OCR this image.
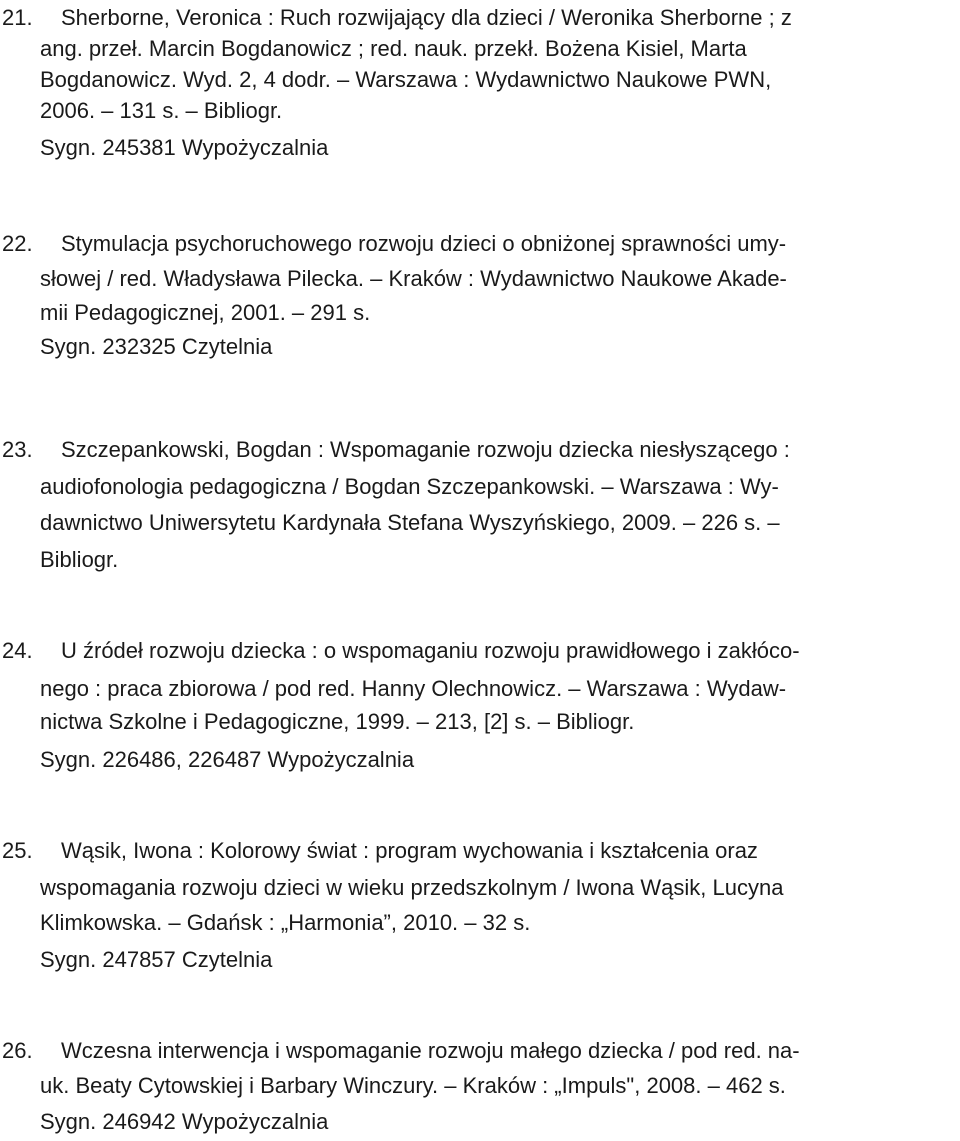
21. Sherborne, Veronica : Ruch rozwijający dla dzieci / Weronika Sherborne ; z
ang. przeł. Marcin Bogdanowicz ; red. nauk. przekł. Bożena Kisiel, Marta
Bogdanowicz. Wyd. 2, 4 dodr. – Warszawa : Wydawnictwo Naukowe PWN,
2006. – 131 s. – Bibliogr.
Sygn. 245381 Wypożyczalnia
22. Stymulacja psychoruchowego rozwoju dzieci o obniżonej sprawności umy-
słowej / red. Władysława Pilecka. – Kraków : Wydawnictwo Naukowe Akade-
mii Pedagogicznej, 2001. – 291 s.
Sygn. 232325 Czytelnia
23. Szczepankowski, Bogdan : Wspomaganie rozwoju dziecka niesłyszącego :
audiofonologia pedagogiczna / Bogdan Szczepankowski. – Warszawa : Wy-
dawnictwo Uniwersytetu Kardynała Stefana Wyszyńskiego, 2009. – 226 s. –
Bibliogr.
24. U źródeł rozwoju dziecka : o wspomaganiu rozwoju prawidłowego i zakłóco-
nego : praca zbiorowa / pod red. Hanny Olechnowicz. – Warszawa : Wydaw-
nictwa Szkolne i Pedagogiczne, 1999. – 213, [2] s. – Bibliogr.
Sygn. 226486, 226487 Wypożyczalnia
25. Wąsik, Iwona : Kolorowy świat : program wychowania i kształcenia oraz
wspomagania rozwoju dzieci w wieku przedszkolnym / Iwona Wąsik, Lucyna
Klimkowska. – Gdańsk : „Harmonia”, 2010. – 32 s.
Sygn. 247857 Czytelnia
26. Wczesna interwencja i wspomaganie rozwoju małego dziecka / pod red. na-
uk. Beaty Cytowskiej i Barbary Winczury. – Kraków : „Impuls", 2008. – 462 s.
Sygn. 246942 Wypożyczalnia
